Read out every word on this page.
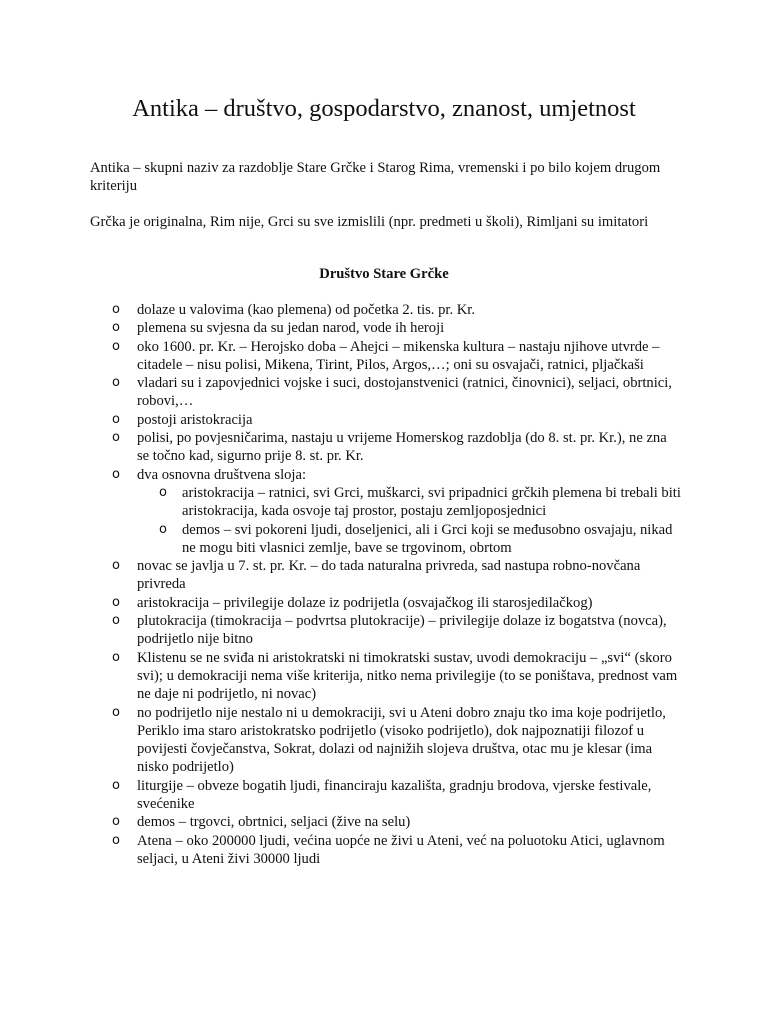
Antika – društvo, gospodarstvo, znanost, umjetnost

Antika – skupni naziv za razdoblje Stare Grčke i Starog Rima, vremenski i po bilo kojem drugom kriteriju

Grčka je originalna, Rim nije, Grci su sve izmislili (npr. predmeti u školi), Rimljani su imitatori

Društvo Stare Grčke
o dolaze u valovima (kao plemena) od početka 2. tis. pr. Kr.
o plemena su svjesna da su jedan narod, vode ih heroji
o oko 1600. pr. Kr. – Herojsko doba – Ahejci – mikenska kultura – nastaju njihove utvrde – citadele – nisu polisi, Mikena, Tirint, Pilos, Argos,…; oni su osvajači, ratnici, pljačkaši
o vladari su i zapovjednici vojske i suci, dostojanstvenici (ratnici, činovnici), seljaci, obrtnici, robovi,…
o postoji aristokracija
o polisi, po povjesničarima, nastaju u vrijeme Homerskog razdoblja (do 8. st. pr. Kr.), ne zna se točno kad, sigurno prije 8. st. pr. Kr.
o dva osnovna društvena sloja:
o aristokracija – ratnici, svi Grci, muškarci, svi pripadnici grčkih plemena bi trebali biti aristokracija, kada osvoje taj prostor, postaju zemljoposjednici
o demos – svi pokoreni ljudi, doseljenici, ali i Grci koji se međusobno osvajaju, nikad ne mogu biti vlasnici zemlje, bave se trgovinom, obrtom
o novac se javlja u 7. st. pr. Kr. – do tada naturalna privreda, sad nastupa robno-novčana privreda
o aristokracija – privilegije dolaze iz podrijetla (osvajačkog ili starosjedilačkog)
o plutokracija (timokracija – podvrtsa plutokracije) – privilegije dolaze iz bogatstva (novca), podrijetlo nije bitno
o Klistenu se ne sviđa ni aristokratski ni timokratski sustav, uvodi demokraciju – „svi“ (skoro svi); u demokraciji nema više kriterija, nitko nema privilegije (to se poništava, prednost vam ne daje ni podrijetlo, ni novac)
o no podrijetlo nije nestalo ni u demokraciji, svi u Ateni dobro znaju tko ima koje podrijetlo, Periklo ima staro aristokratsko podrijetlo (visoko podrijetlo), dok najpoznatiji filozof u povijesti čovječanstva, Sokrat, dolazi od najnižih slojeva društva, otac mu je klesar (ima nisko podrijetlo)
o liturgije – obveze bogatih ljudi, financiraju kazališta, gradnju brodova, vjerske festivale, svećenike
o demos – trgovci, obrtnici, seljaci (žive na selu)
o Atena – oko 200000 ljudi, većina uopće ne živi u Ateni, već na poluotoku Atici, uglavnom seljaci, u Ateni živi 30000 ljudi
